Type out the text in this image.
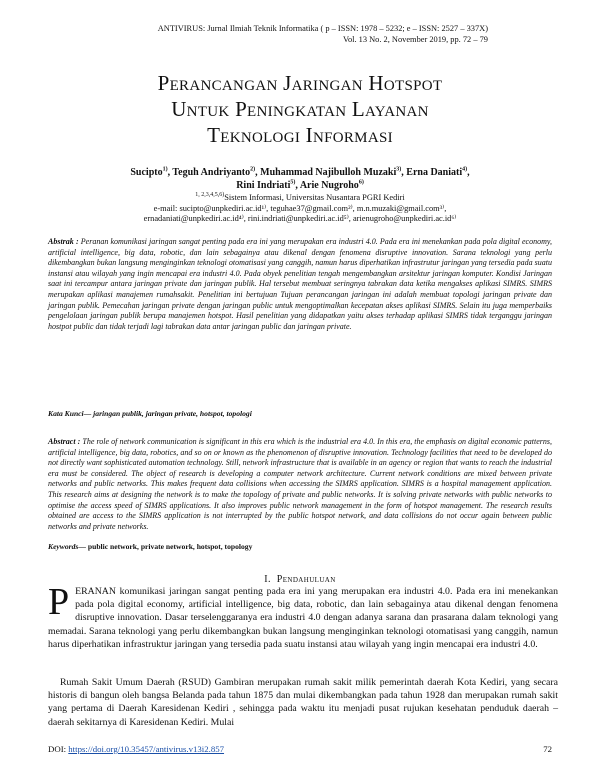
ANTIVIRUS: Jurnal Ilmiah Teknik Informatika ( p – ISSN: 1978 – 5232; e – ISSN: 2527 – 337X)
Vol. 13 No. 2, November 2019, pp. 72 – 79
Perancangan Jaringan Hotspot
Untuk Peningkatan Layanan
Teknologi Informasi
Sucipto$^{1)}$, Teguh Andriyanto$^{2)}$, Muhammad Najibulloh Muzaki$^{3)}$, Erna Daniati$^{4)}$,
Rini Indriati$^{5)}$, Arie Nugroho$^{6)}$
$^{1, 2,3,4,5,6)}$Sistem Informasi, Universitas Nusantara PGRI Kediri
e-mail: sucipto@unpkediri.ac.id¹⁾, teguhae37@gmail.com²⁾, m.n.muzaki@gmail.com³⁾,
ernadaniati@unpkediri.ac.id⁴⁾, rini.indriati@unpkediri.ac.id⁵⁾, arienugroho@unpkediri.ac.id⁶⁾
Abstrak : Peranan komunikasi jaringan sangat penting pada era ini yang merupakan era industri 4.0. Pada era ini menekankan pada pola digital economy, artificial intelligence, big data, robotic, dan lain sebagainya atau dikenal dengan fenomena disruptive innovation. Sarana teknologi yang perlu dikembangkan bukan langsung menginginkan teknologi otomatisasi yang canggih, namun harus diperhatikan infrastrutur jaringan yang tersedia pada suatu instansi atau wilayah yang ingin mencapai era industri 4.0. Pada obyek penelitian tengah mengembangkan arsitektur jaringan komputer. Kondisi Jaringan saat ini tercampur antara jaringan private dan jaringan publik. Hal tersebut membuat seringnya tabrakan data ketika mengakses aplikasi SIMRS. SIMRS merupakan aplikasi manajemen rumahsakit. Penelitian ini bertujuan Tujuan perancangan jaringan ini adalah membuat topologi jaringan private dan jaringan publik. Pemecahan jaringan private dengan jaringan public untuk mengoptimalkan kecepatan akses aplikasi SIMRS. Selain itu juga memperbaiks pengelolaan jaringan publik berupa manajemen hotspot. Hasil penelitian yang didapatkan yaitu akses terhadap aplikasi SIMRS tidak terganggu jaringan hostpot public dan tidak terjadi lagi tabrakan data antar jaringan public dan jaringan private.
Kata Kunci— jaringan publik, jaringan private, hotspot, topologi
Abstract : The role of network communication is significant in this era which is the industrial era 4.0. In this era, the emphasis on digital economic patterns, artificial intelligence, big data, robotics, and so on or known as the phenomenon of disruptive innovation. Technology facilities that need to be developed do not directly want sophisticated automation technology. Still, network infrastructure that is available in an agency or region that wants to reach the industrial era must be considered. The object of research is developing a computer network architecture. Current network conditions are mixed between private networks and public networks. This makes frequent data collisions when accessing the SIMRS application. SIMRS is a hospital management application. This research aims at designing the network is to make the topology of private and public networks. It is solving private networks with public networks to optimise the access speed of SIMRS applications. It also improves public network management in the form of hotspot management. The research results obtained are access to the SIMRS application is not interrupted by the public hotspot network, and data collisions do not occur again between public networks and private networks.
Keywords— public network, private network, hotspot, topology
I. Pendahuluan
PERANAN komunikasi jaringan sangat penting pada era ini yang merupakan era industri 4.0. Pada era ini menekankan pada pola digital economy, artificial intelligence, big data, robotic, dan lain sebagainya atau dikenal dengan fenomena disruptive innovation. Dasar terselenggaranya era industri 4.0 dengan adanya sarana dan prasarana dalam teknologi yang memadai. Sarana teknologi yang perlu dikembangkan bukan langsung menginginkan teknologi otomatisasi yang canggih, namun harus diperhatikan infrastruktur jaringan yang tersedia pada suatu instansi atau wilayah yang ingin mencapai era industri 4.0.
Rumah Sakit Umum Daerah (RSUD) Gambiran merupakan rumah sakit milik pemerintah daerah Kota Kediri, yang secara historis di bangun oleh bangsa Belanda pada tahun 1875 dan mulai dikembangkan pada tahun 1928 dan merupakan rumah sakit yang pertama di Daerah Karesidenan Kediri , sehingga pada waktu itu menjadi pusat rujukan kesehatan penduduk daerah – daerah sekitarnya di Karesidenan Kediri. Mulai
DOI: https://doi.org/10.35457/antivirus.v13i2.857	72
